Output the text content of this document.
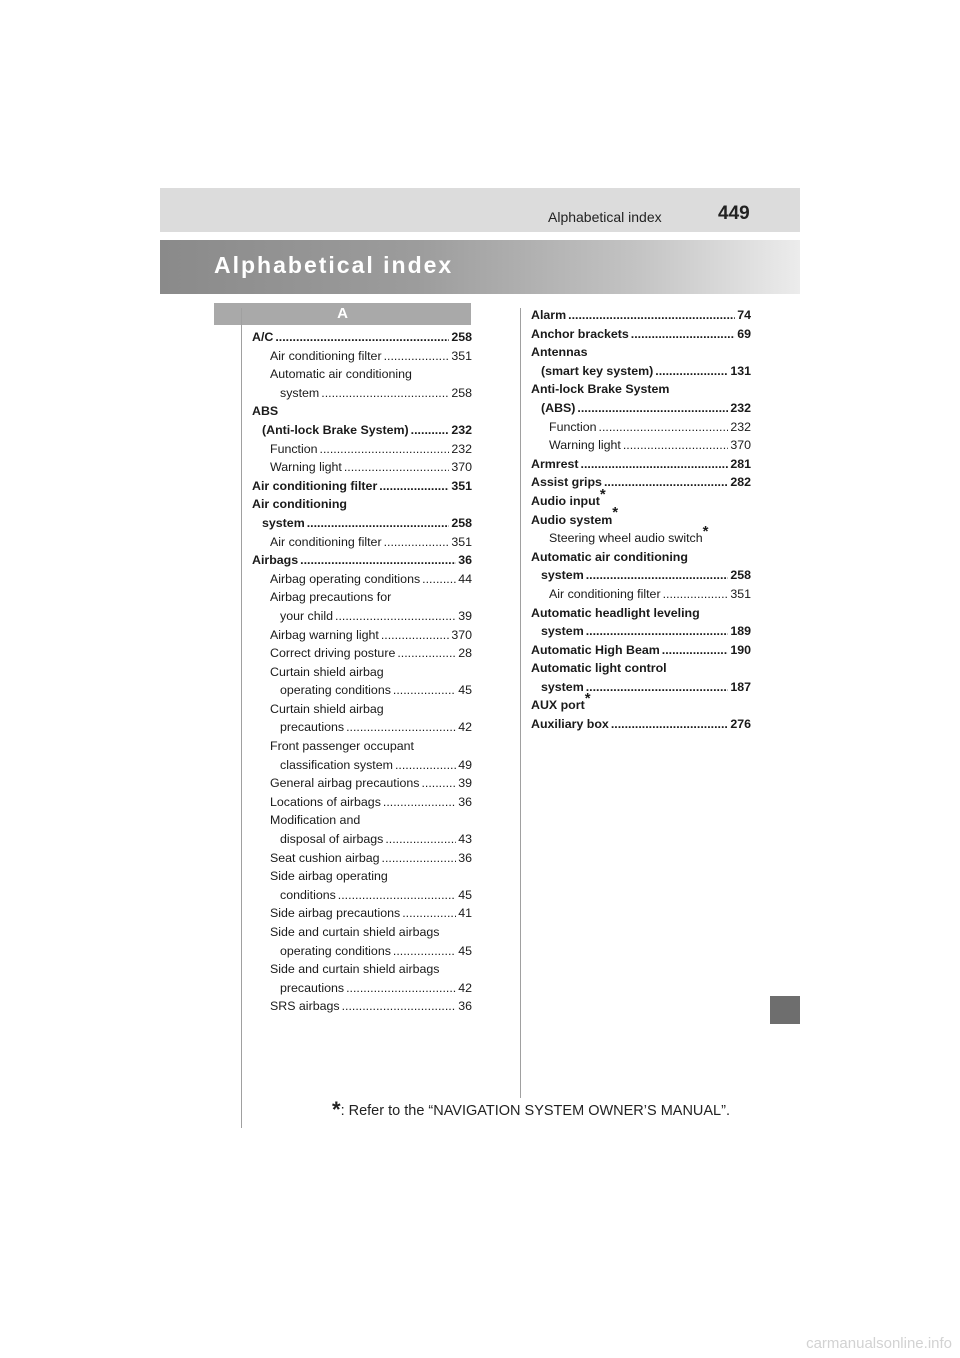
Alphabetical index	449
Alphabetical index
A
A/C .....	258
Air conditioning filter .....	351
Automatic air conditioning
system .....	258
ABS
(Anti-lock Brake System) .....	232
Function .....	232
Warning light .....	370
Air conditioning filter .....	351
Air conditioning
system .....	258
Air conditioning filter .....	351
Airbags .....	36
Airbag operating conditions .....	44
Airbag precautions for
your child .....	39
Airbag warning light .....	370
Correct driving posture .....	28
Curtain shield airbag
operating conditions .....	45
Curtain shield airbag
precautions .....	42
Front passenger occupant
classification system .....	49
General airbag precautions .....	39
Locations of airbags .....	36
Modification and
disposal of airbags .....	43
Seat cushion airbag .....	36
Side airbag operating
conditions .....	45
Side airbag precautions .....	41
Side and curtain shield airbags
operating conditions .....	45
Side and curtain shield airbags
precautions .....	42
SRS airbags .....	36
Alarm .....	74
Anchor brackets .....	69
Antennas
(smart key system) .....	131
Anti-lock Brake System
(ABS) .....	232
Function .....	232
Warning light .....	370
Armrest .....	281
Assist grips .....	282
Audio input*
Audio system*
Steering wheel audio switch*
Automatic air conditioning
system .....	258
Air conditioning filter .....	351
Automatic headlight leveling
system .....	189
Automatic High Beam .....	190
Automatic light control
system .....	187
AUX port*
Auxiliary box .....	276
*: Refer to the “NAVIGATION SYSTEM OWNER’S MANUAL”.
carmanualsonline.info
